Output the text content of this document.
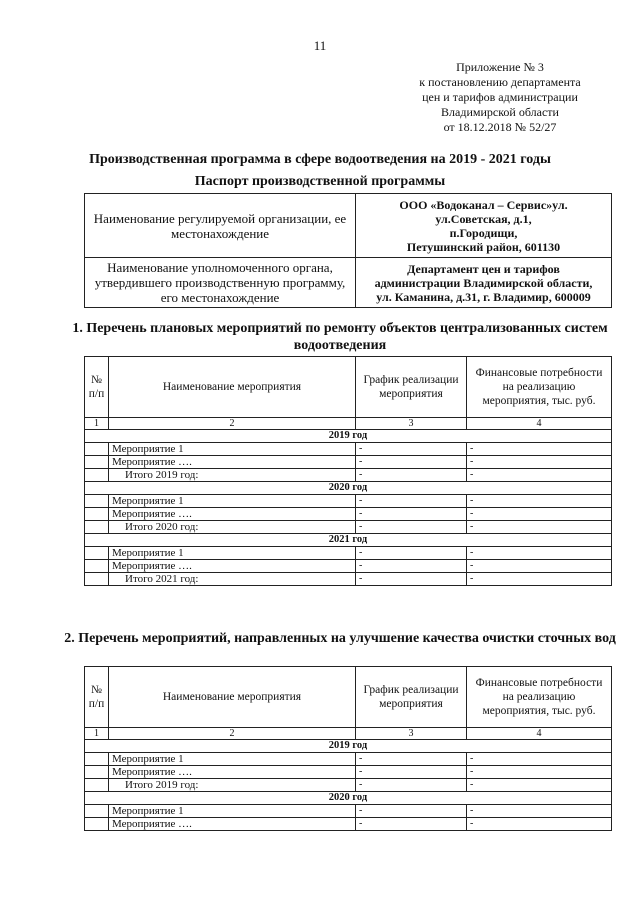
11
Приложение № 3
к постановлению департамента
цен и тарифов администрации
Владимирской области
от 18.12.2018 № 52/27
Производственная программа в сфере водоотведения на 2019 - 2021 годы
Паспорт производственной программы
Наименование регулируемой организации, ее местонахождение	ООО «Водоканал – Сервис»ул.
ул.Советская, д.1,
п.Городищи,
Петушинский район, 601130

Наименование уполномоченного органа, утвердившего производственную программу, его местонахождение	Департамент цен и тарифов
администрации Владимирской области,
ул. Каманина, д.31, г. Владимир, 600009
1. Перечень плановых мероприятий по ремонту объектов централизованных систем водоотведения
№ п/п	Наименование мероприятия	График реализации мероприятия	Финансовые потребности на реализацию мероприятия, тыс. руб.
1	2	3	4
2019 год			
	Мероприятие 1	-	-
	Мероприятие ….	-	-
	Итого 2019 год:	-	-
2020 год			
	Мероприятие 1	-	-
	Мероприятие ….	-	-
	Итого 2020 год:	-	-
2021 год			
	Мероприятие 1	-	-
	Мероприятие ….	-	-
	Итого 2021 год:	-	-
2. Перечень мероприятий, направленных на улучшение качества очистки сточных вод
№ п/п	Наименование мероприятия	График реализации мероприятия	Финансовые потребности на реализацию мероприятия, тыс. руб.
1	2	3	4
2019 год			
	Мероприятие 1	-	-
	Мероприятие ….	-	-
	Итого 2019 год:	-	-
2020 год			
	Мероприятие 1	-	-
	Мероприятие ….	-	-
